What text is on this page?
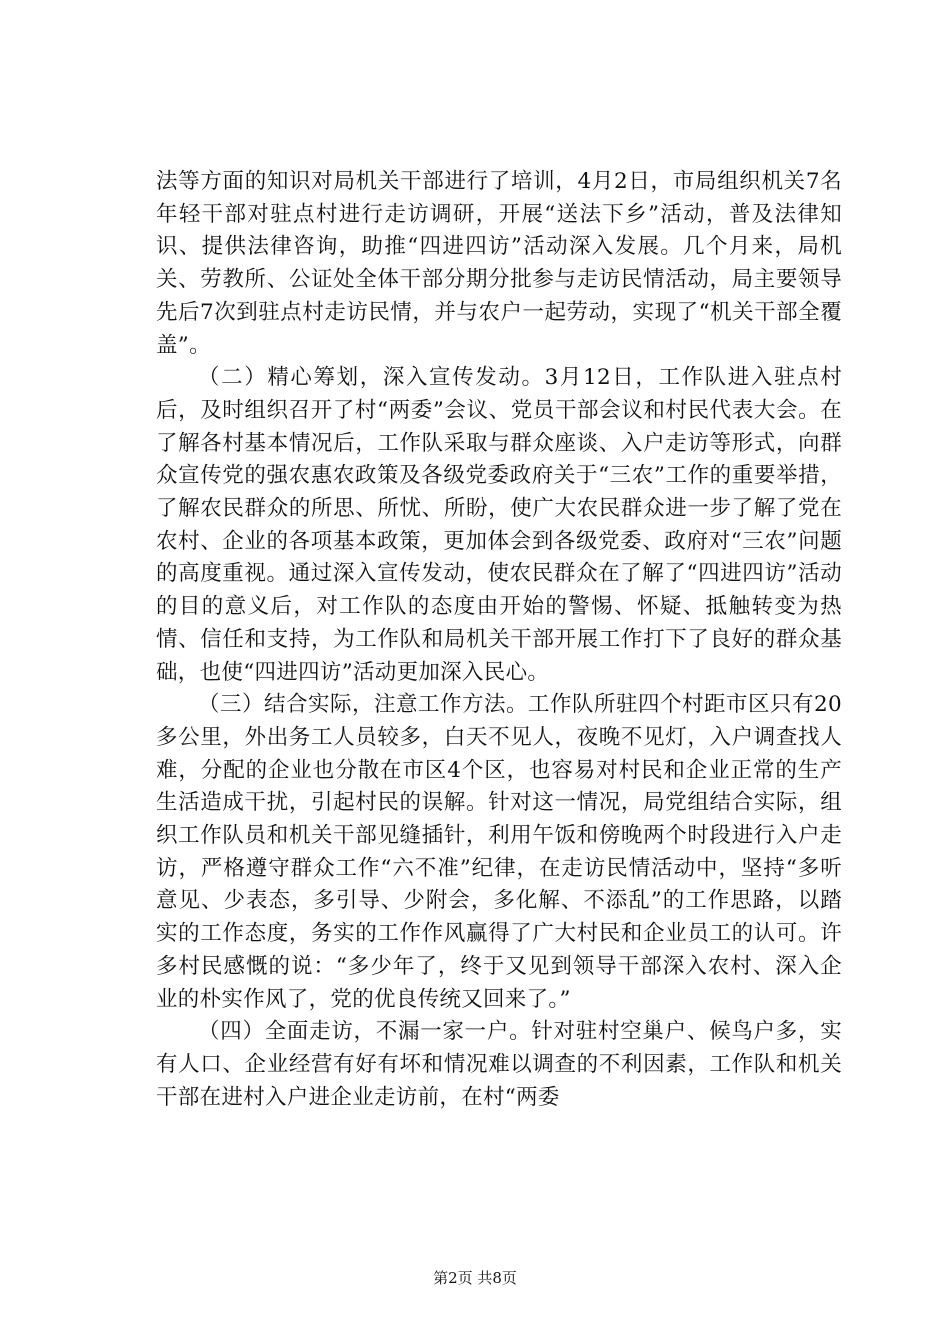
法等方面的知识对局机关干部进行了培训，4月2日，市局组织机关7名年轻干部对驻点村进行走访调研，开展“送法下乡”活动，普及法律知识、提供法律咨询，助推“四进四访”活动深入发展。几个月来，局机关、劳教所、公证处全体干部分期分批参与走访民情活动，局主要领导先后7次到驻点村走访民情，并与农户一起劳动，实现了“机关干部全覆盖”。

（二）精心筹划，深入宣传发动。3月12日，工作队进入驻点村后，及时组织召开了村“两委”会议、党员干部会议和村民代表大会。在了解各村基本情况后，工作队采取与群众座谈、入户走访等形式，向群众宣传党的强农惠农政策及各级党委政府关于“三农”工作的重要举措，了解农民群众的所思、所忧、所盼，使广大农民群众进一步了解了党在农村、企业的各项基本政策，更加体会到各级党委、政府对“三农”问题的高度重视。通过深入宣传发动，使农民群众在了解了“四进四访”活动的目的意义后，对工作队的态度由开始的警惕、怀疑、抵触转变为热情、信任和支持，为工作队和局机关干部开展工作打下了良好的群众基础，也使“四进四访”活动更加深入民心。

（三）结合实际，注意工作方法。工作队所驻四个村距市区只有20多公里，外出务工人员较多，白天不见人，夜晚不见灯，入户调查找人难，分配的企业也分散在市区4个区，也容易对村民和企业正常的生产生活造成干扰，引起村民的误解。针对这一情况，局党组结合实际，组织工作队员和机关干部见缝插针，利用午饭和傍晚两个时段进行入户走访，严格遵守群众工作“六不准”纪律，在走访民情活动中，坚持“多听意见、少表态，多引导、少附会，多化解、不添乱”的工作思路，以踏实的工作态度，务实的工作作风赢得了广大村民和企业员工的认可。许多村民感慨的说：“多少年了，终于又见到领导干部深入农村、深入企业的朴实作风了，党的优良传统又回来了。”

（四）全面走访，不漏一家一户。针对驻村空巢户、候鸟户多，实有人口、企业经营有好有坏和情况难以调查的不利因素，工作队和机关干部在进村入户进企业走访前，在村“两委

第2页 共8页
